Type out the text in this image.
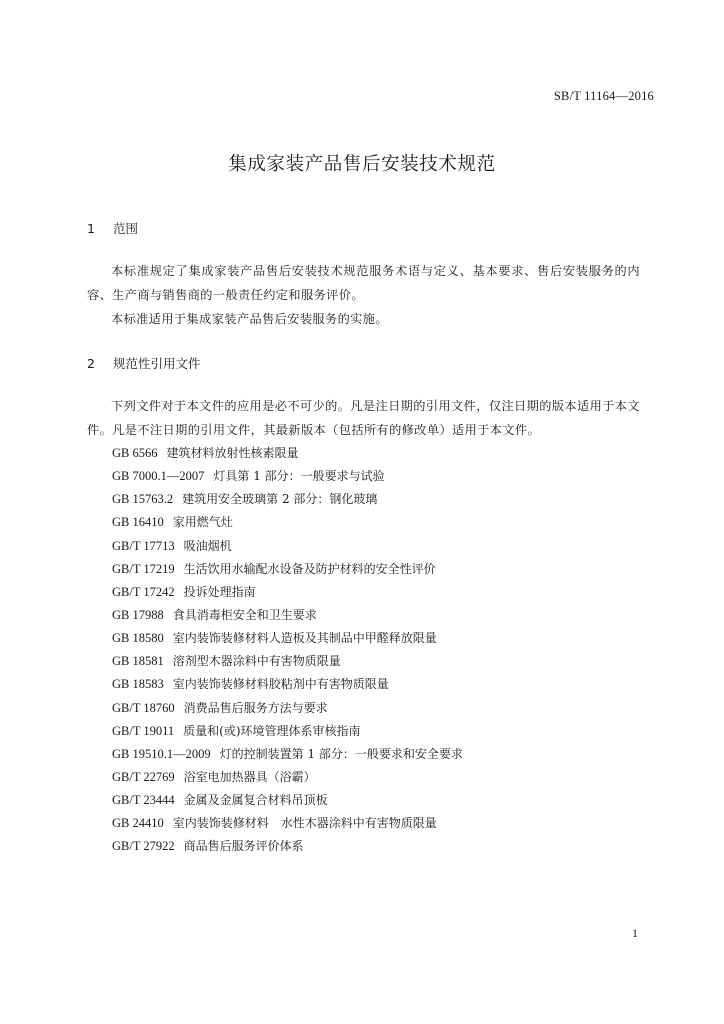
SB/T 11164—2016
集成家装产品售后安装技术规范
1 范围
本标准规定了集成家装产品售后安装技术规范服务术语与定义、基本要求、售后安装服务的内容、生产商与销售商的一般责任约定和服务评价。
本标准适用于集成家装产品售后安装服务的实施。
2 规范性引用文件
下列文件对于本文件的应用是必不可少的。凡是注日期的引用文件，仅注日期的版本适用于本文件。凡是不注日期的引用文件，其最新版本（包括所有的修改单）适用于本文件。
GB 6566 建筑材料放射性核素限量
GB 7000.1—2007 灯具第 1 部分：一般要求与试验
GB 15763.2 建筑用安全玻璃第 2 部分：钢化玻璃
GB 16410 家用燃气灶
GB/T 17713 吸油烟机
GB/T 17219 生活饮用水输配水设备及防护材料的安全性评价
GB/T 17242 投诉处理指南
GB 17988 食具消毒柜安全和卫生要求
GB 18580 室内装饰装修材料人造板及其制品中甲醛释放限量
GB 18581 溶剂型木器涂料中有害物质限量
GB 18583 室内装饰装修材料胶粘剂中有害物质限量
GB/T 18760 消费品售后服务方法与要求
GB/T 19011 质量和(或)环境管理体系审核指南
GB 19510.1—2009 灯的控制装置第 1 部分：一般要求和安全要求
GB/T 22769 浴室电加热器具（浴霸）
GB/T 23444 金属及金属复合材料吊顶板
GB 24410 室内装饰装修材料　水性木器涂料中有害物质限量
GB/T 27922 商品售后服务评价体系
1
